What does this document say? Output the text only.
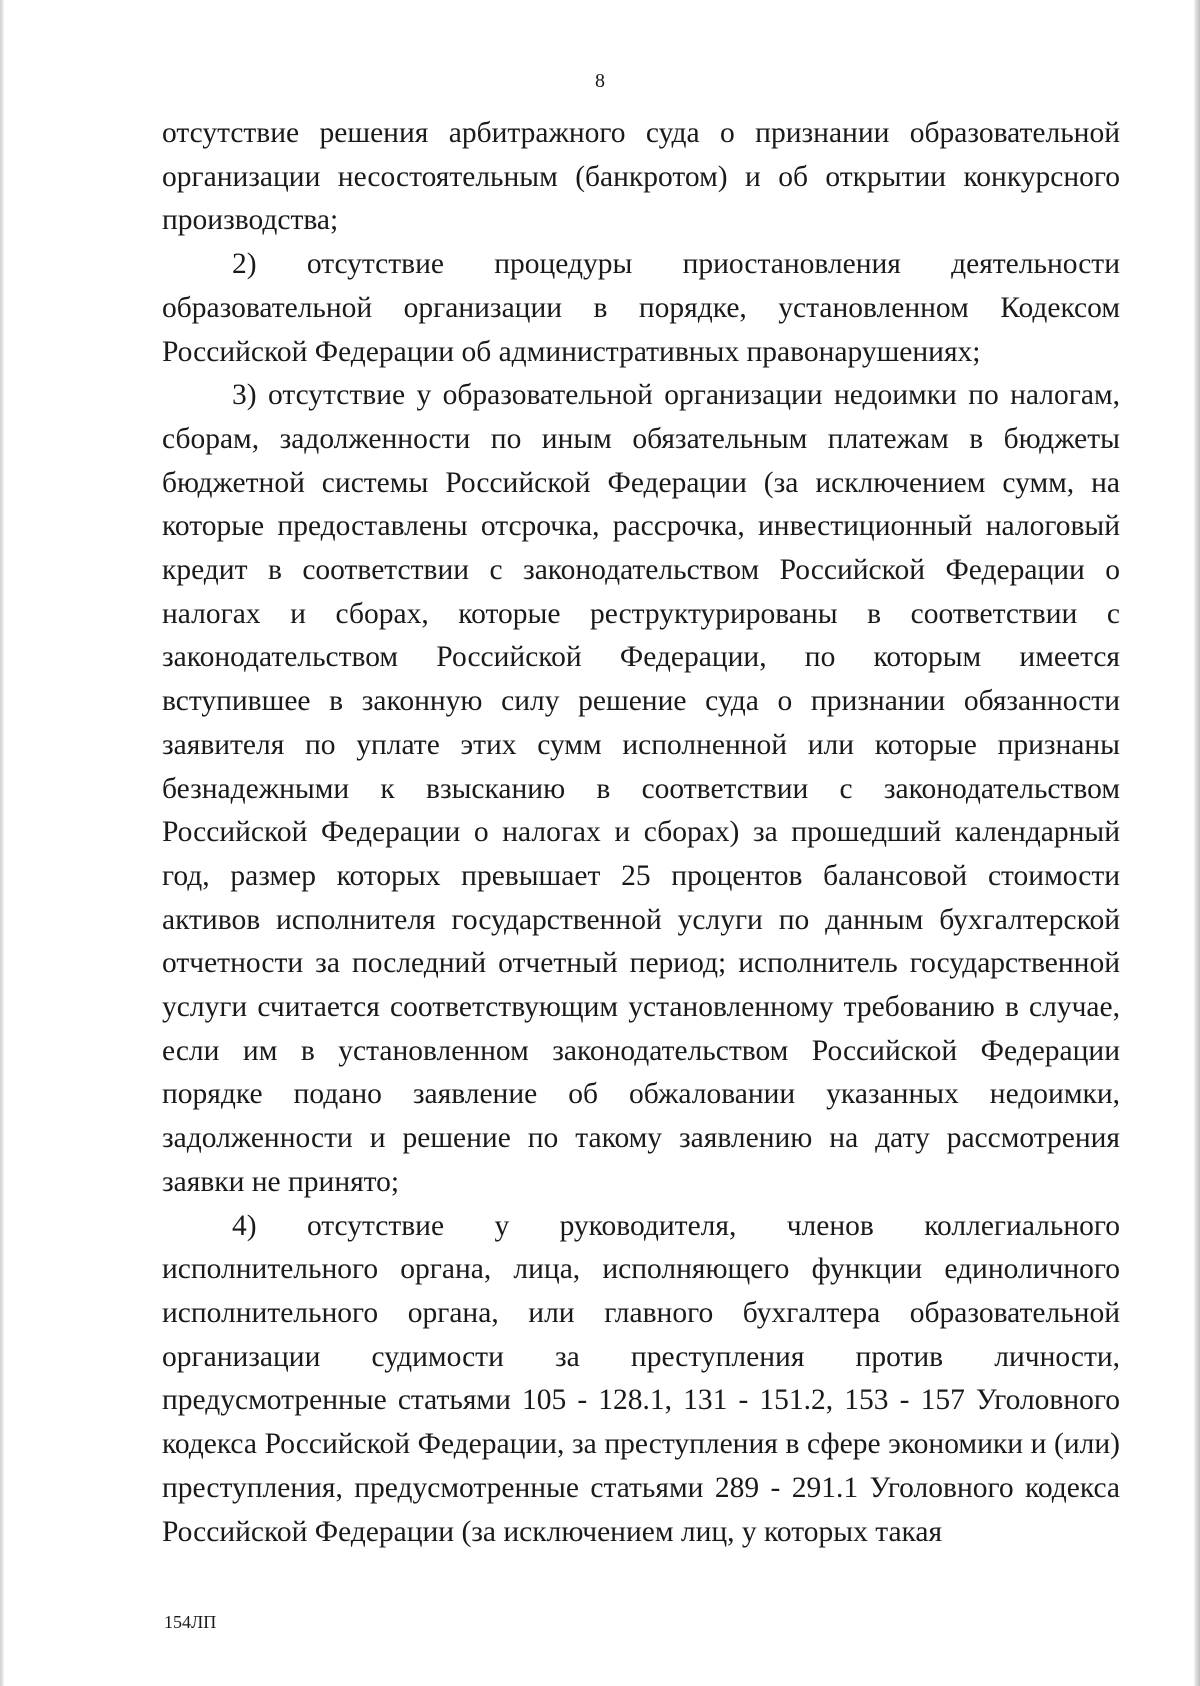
8

отсутствие решения арбитражного суда о признании образовательной организации несостоятельным (банкротом) и об открытии конкурсного производства;

2) отсутствие процедуры приостановления деятельности образовательной организации в порядке, установленном Кодексом Российской Федерации об административных правонарушениях;

3) отсутствие у образовательной организации недоимки по налогам, сборам, задолженности по иным обязательным платежам в бюджеты бюджетной системы Российской Федерации (за исключением сумм, на которые предоставлены отсрочка, рассрочка, инвестиционный налоговый кредит в соответствии с законодательством Российской Федерации о налогах и сборах, которые реструктурированы в соответствии с законодательством Российской Федерации, по которым имеется вступившее в законную силу решение суда о признании обязанности заявителя по уплате этих сумм исполненной или которые признаны безнадежными к взысканию в соответствии с законодательством Российской Федерации о налогах и сборах) за прошедший календарный год, размер которых превышает 25 процентов балансовой стоимости активов исполнителя государственной услуги по данным бухгалтерской отчетности за последний отчетный период; исполнитель государственной услуги считается соответствующим установленному требованию в случае, если им в установленном законодательством Российской Федерации порядке подано заявление об обжаловании указанных недоимки, задолженности и решение по такому заявлению на дату рассмотрения заявки не принято;

4) отсутствие у руководителя, членов коллегиального исполнительного органа, лица, исполняющего функции единоличного исполнительного органа, или главного бухгалтера образовательной организации судимости за преступления против личности, предусмотренные статьями 105 - 128.1, 131 - 151.2, 153 - 157 Уголовного кодекса Российской Федерации, за преступления в сфере экономики и (или) преступления, предусмотренные статьями 289 - 291.1 Уголовного кодекса Российской Федерации (за исключением лиц, у которых такая

154ЛП
